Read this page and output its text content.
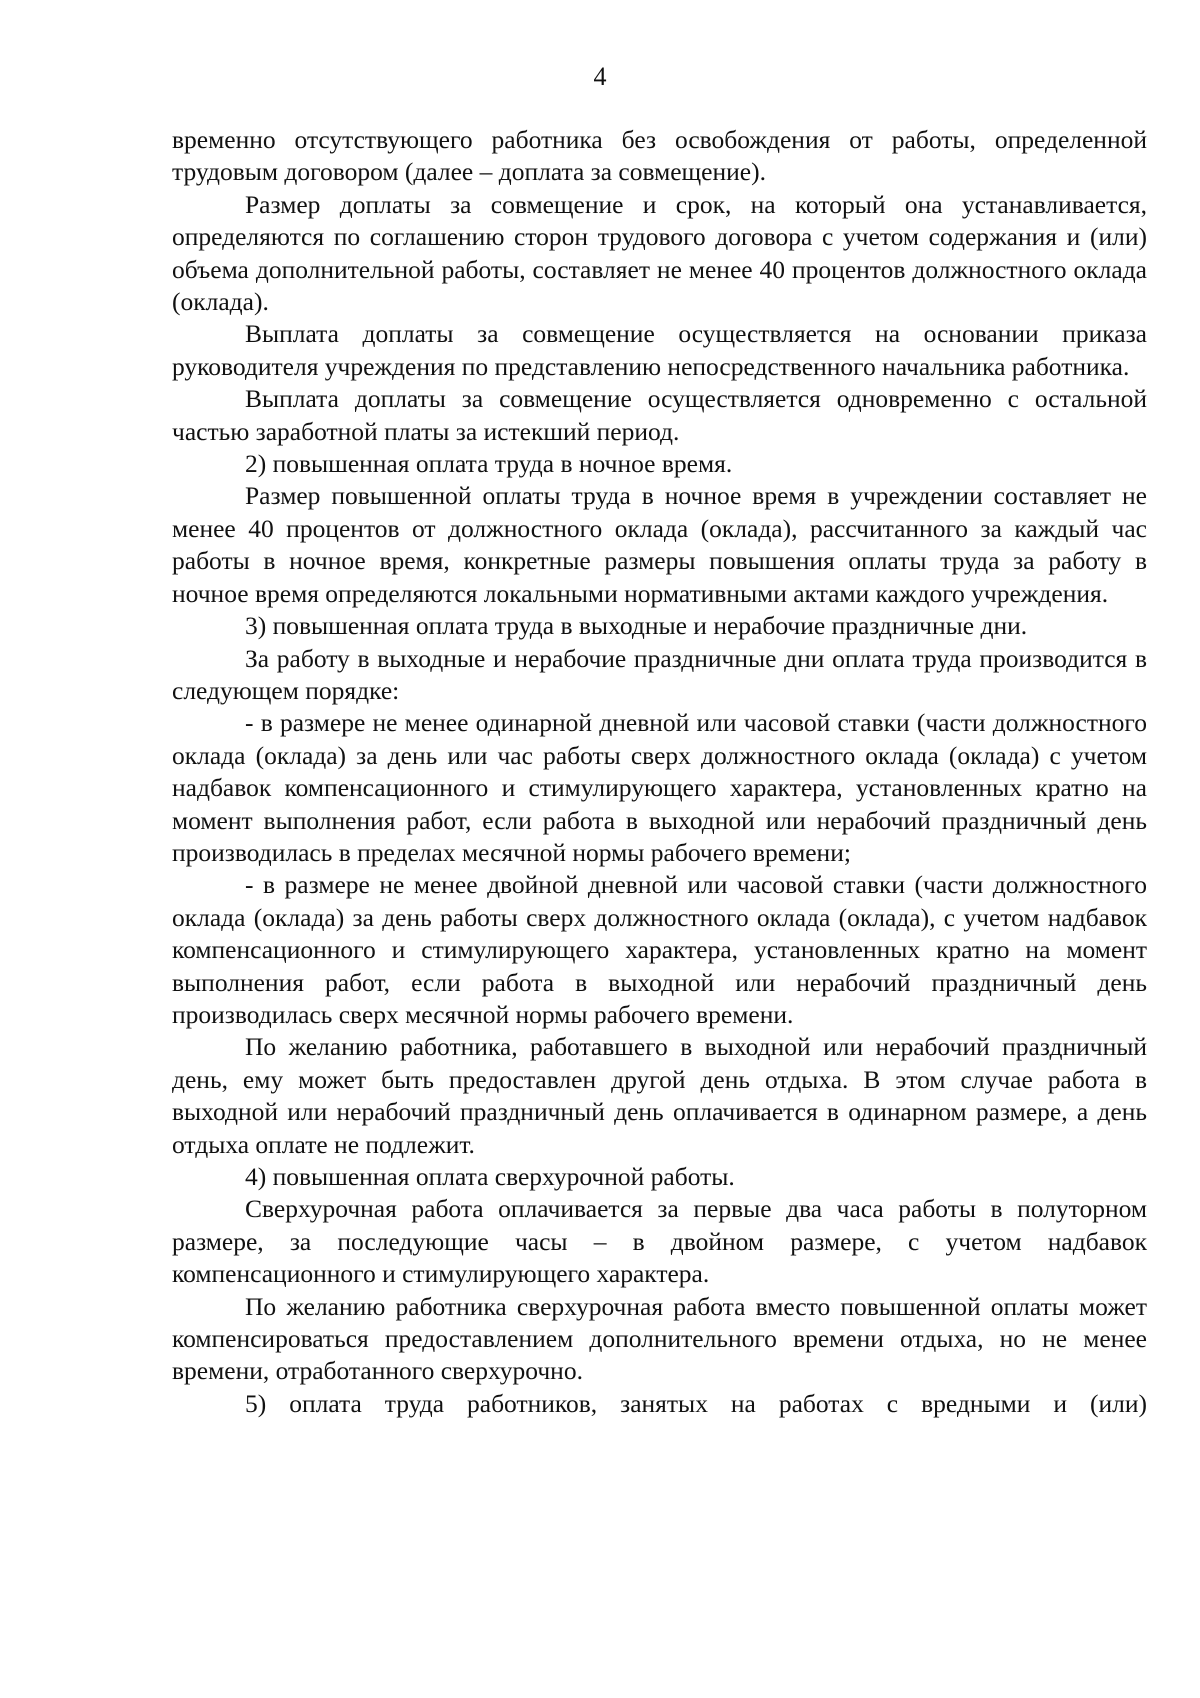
4

временно отсутствующего работника без освобождения от работы, определенной трудовым договором (далее – доплата за совмещение).

Размер доплаты за совмещение и срок, на который она устанавливается, определяются по соглашению сторон трудового договора с учетом содержания и (или) объема дополнительной работы, составляет не менее 40 процентов должностного оклада (оклада).

Выплата доплаты за совмещение осуществляется на основании приказа руководителя учреждения по представлению непосредственного начальника работника.

Выплата доплаты за совмещение осуществляется одновременно с остальной частью заработной платы за истекший период.

2) повышенная оплата труда в ночное время.

Размер повышенной оплаты труда в ночное время в учреждении составляет не менее 40 процентов от должностного оклада (оклада), рассчитанного за каждый час работы в ночное время, конкретные размеры повышения оплаты труда за работу в ночное время определяются локальными нормативными актами каждого учреждения.

3) повышенная оплата труда в выходные и нерабочие праздничные дни.

За работу в выходные и нерабочие праздничные дни оплата труда производится в следующем порядке:

- в размере не менее одинарной дневной или часовой ставки (части должностного оклада (оклада) за день или час работы сверх должностного оклада (оклада) с учетом надбавок компенсационного и стимулирующего характера, установленных кратно на момент выполнения работ, если работа в выходной или нерабочий праздничный день производилась в пределах месячной нормы рабочего времени;

- в размере не менее двойной дневной или часовой ставки (части должностного оклада (оклада) за день работы сверх должностного оклада (оклада), с учетом надбавок компенсационного и стимулирующего характера, установленных кратно на момент выполнения работ, если работа в выходной или нерабочий праздничный день производилась сверх месячной нормы рабочего времени.

По желанию работника, работавшего в выходной или нерабочий праздничный день, ему может быть предоставлен другой день отдыха. В этом случае работа в выходной или нерабочий праздничный день оплачивается в одинарном размере, а день отдыха оплате не подлежит.

4) повышенная оплата сверхурочной работы.

Сверхурочная работа оплачивается за первые два часа работы в полуторном размере, за последующие часы – в двойном размере, с учетом надбавок компенсационного и стимулирующего характера.

По желанию работника сверхурочная работа вместо повышенной оплаты может компенсироваться предоставлением дополнительного времени отдыха, но не менее времени, отработанного сверхурочно.

5) оплата труда работников, занятых на работах с вредными и (или)
